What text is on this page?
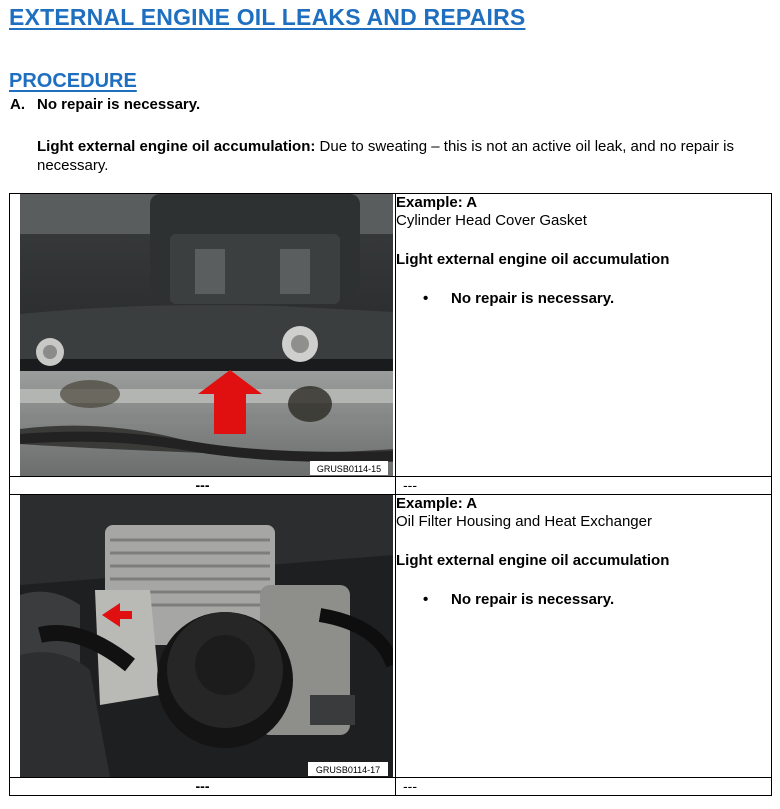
EXTERNAL ENGINE OIL LEAKS AND REPAIRS
PROCEDURE
A. No repair is necessary.
Light external engine oil accumulation: Due to sweating – this is not an active oil leak, and no repair is necessary.
GRUSB0114-15	Example: A

Cylinder Head Cover Gasket

Light external engine oil accumulation

• No repair is necessary.

---	---

GRUSB0114-17	Example: A

Oil Filter Housing and Heat Exchanger

Light external engine oil accumulation

• No repair is necessary.

---	---
